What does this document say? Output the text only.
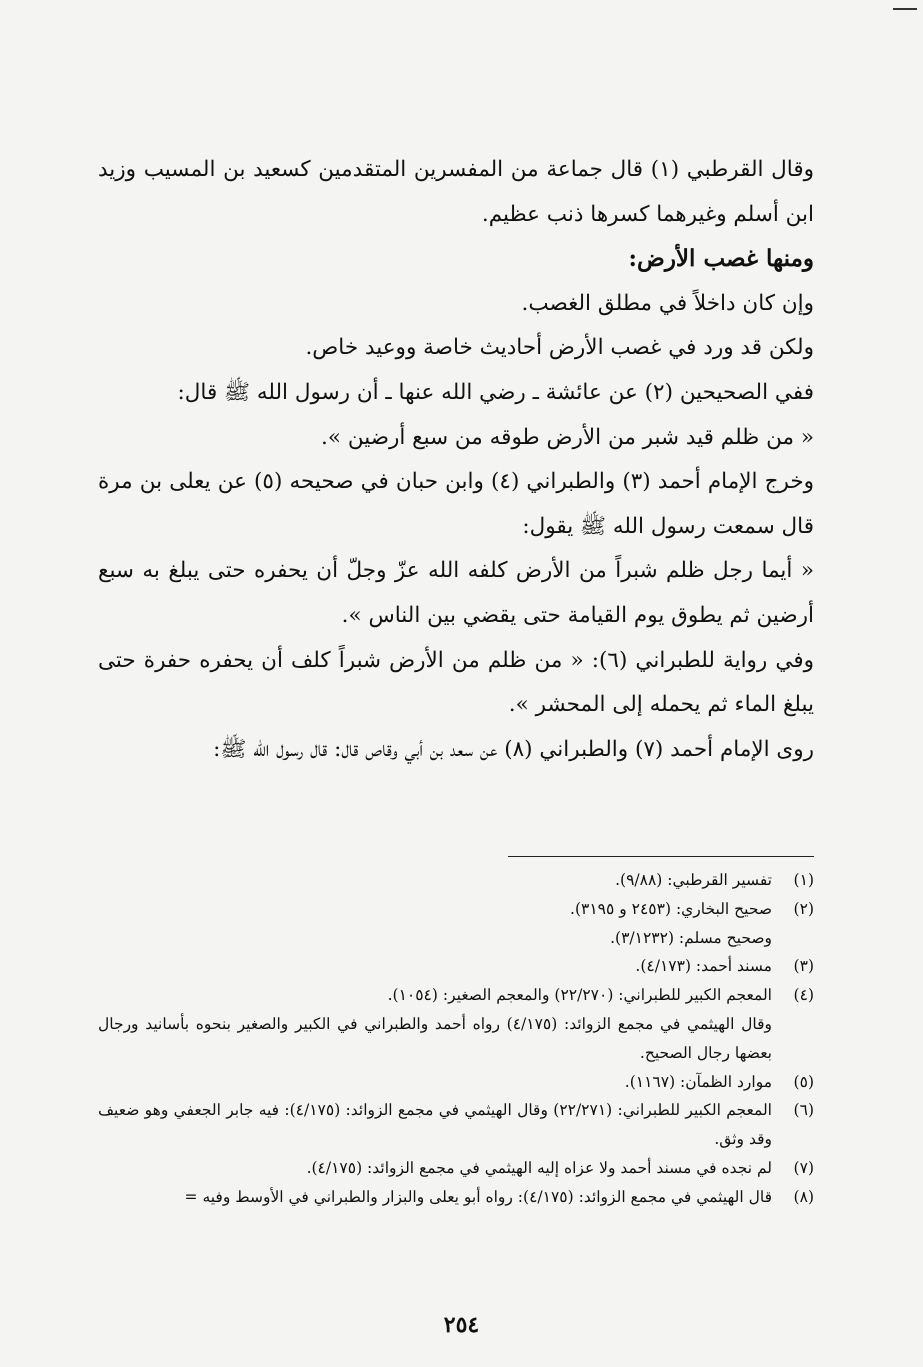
وقال القرطبي (١) قال جماعة من المفسرين المتقدمين كسعيد بن المسيب وزيد ابن أسلم وغيرهما كسرها ذنب عظيم.

ومنها غصب الأرض:

وإن كان داخلاً في مطلق الغصب.

ولكن قد ورد في غصب الأرض أحاديث خاصة ووعيد خاص.

ففي الصحيحين (٢) عن عائشة ـ رضي الله عنها ـ أن رسول الله ﷺ قال:

« من ظلم قيد شبر من الأرض طوقه من سبع أرضين ».

وخرج الإمام أحمد (٣) والطبراني (٤) وابن حبان في صحيحه (٥) عن يعلى بن مرة قال سمعت رسول الله ﷺ يقول:

« أيما رجل ظلم شبراً من الأرض كلفه الله عزّ وجلّ أن يحفره حتى يبلغ به سبع أرضين ثم يطوق يوم القيامة حتى يقضي بين الناس ».

وفي رواية للطبراني (٦): « من ظلم من الأرض شبراً كلف أن يحفره حفرة حتى يبلغ الماء ثم يحمله إلى المحشر ».

روى الإمام أحمد (٧) والطبراني (٨) عن سعد بن أبي وقاص قال: قال رسول الله ﷺ:

(١)
تفسير القرطبي: (٩/٨٨).
(٢)
صحيح البخاري: (٢٤٥٣ و ٣١٩٥).
وصحيح مسلم: (٣/١٢٣٢).
(٣)
مسند أحمد: (٤/١٧٣).
(٤)
المعجم الكبير للطبراني: (٢٢/٢٧٠) والمعجم الصغير: (١٠٥٤).
وقال الهيثمي في مجمع الزوائد: (٤/١٧٥) رواه أحمد والطبراني في الكبير والصغير بنحوه بأسانيد ورجال بعضها رجال الصحيح.
(٥)
موارد الظمآن: (١١٦٧).
(٦)
المعجم الكبير للطبراني: (٢٢/٢٧١) وقال الهيثمي في مجمع الزوائد: (٤/١٧٥): فيه جابر الجعفي وهو ضعيف وقد وثق.
(٧)
لم نجده في مسند أحمد ولا عزاه إليه الهيثمي في مجمع الزوائد: (٤/١٧٥).
(٨)
قال الهيثمي في مجمع الزوائد: (٤/١٧٥): رواه أبو يعلى والبزار والطبراني في الأوسط وفيه =
٢٥٤
